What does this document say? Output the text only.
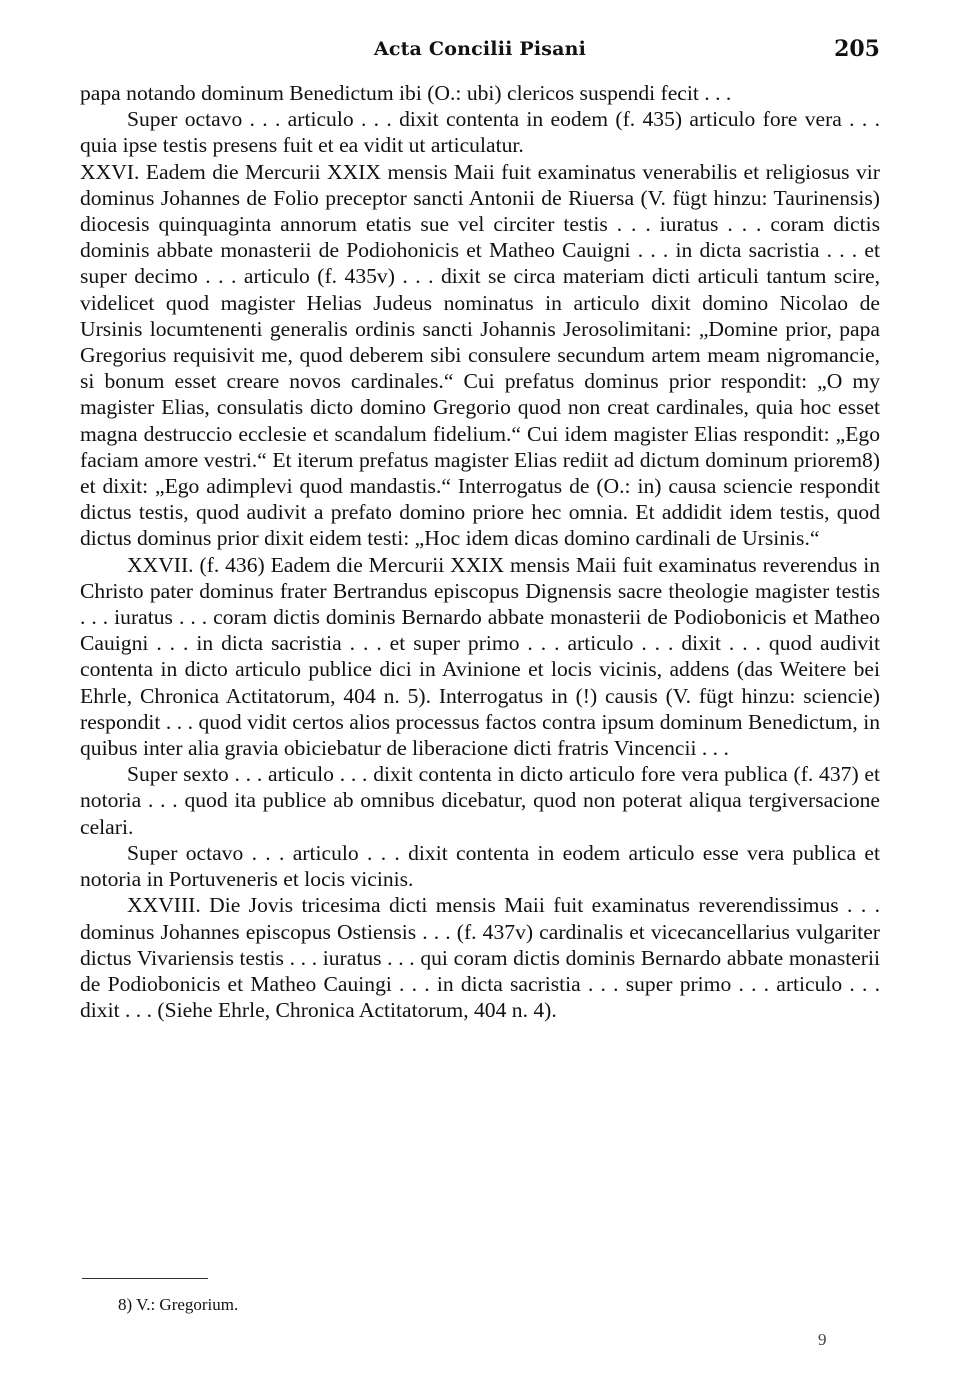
Acta Concilii Pisani	205

papa notando dominum Benedictum ibi (O.: ubi) clericos suspendi fecit . . .

Super octavo . . . articulo . . . dixit contenta in eodem (f. 435) articulo fore vera . . . quia ipse testis presens fuit et ea vidit ut articulatur.

XXVI. Eadem die Mercurii XXIX mensis Maii fuit examinatus venerabilis et religiosus vir dominus Johannes de Folio preceptor sancti Antonii de Riuersa (V. fügt hinzu: Taurinensis) diocesis quinquaginta annorum etatis sue vel circiter testis . . . iuratus . . . coram dictis dominis abbate monasterii de Podiohonicis et Matheo Cauigni . . . in dicta sacristia . . . et super decimo . . . articulo (f. 435v) . . . dixit se circa materiam dicti articuli tantum scire, videlicet quod magister Helias Judeus nominatus in articulo dixit domino Nicolao de Ursinis locumtenenti generalis ordinis sancti Johannis Jerosolimitani: „Domine prior, papa Gregorius requisivit me, quod deberem sibi consulere secundum artem meam nigromancie, si bonum esset creare novos cardinales.“ Cui prefatus dominus prior respondit: „O my magister Elias, consulatis dicto domino Gregorio quod non creat cardinales, quia hoc esset magna destruccio ecclesie et scandalum fidelium.“ Cui idem magister Elias respondit: „Ego faciam amore vestri.“ Et iterum prefatus magister Elias rediit ad dictum dominum priorem8) et dixit: „Ego adimplevi quod mandastis.“ Interrogatus de (O.: in) causa sciencie respondit dictus testis, quod audivit a prefato domino priore hec omnia. Et addidit idem testis, quod dictus dominus prior dixit eidem testi: „Hoc idem dicas domino cardinali de Ursinis.“

XXVII. (f. 436) Eadem die Mercurii XXIX mensis Maii fuit examinatus reverendus in Christo pater dominus frater Bertrandus episcopus Dignensis sacre theologie magister testis . . . iuratus . . . coram dictis dominis Bernardo abbate monasterii de Podiobonicis et Matheo Cauigni . . . in dicta sacristia . . . et super primo . . . articulo . . . dixit . . . quod audivit contenta in dicto articulo publice dici in Avinione et locis vicinis, addens (das Weitere bei Ehrle, Chronica Actitatorum, 404 n. 5). Interrogatus in (!) causis (V. fügt hinzu: sciencie) respondit . . . quod vidit certos alios processus factos contra ipsum dominum Benedictum, in quibus inter alia gravia obiciebatur de liberacione dicti fratris Vincencii . . .

Super sexto . . . articulo . . . dixit contenta in dicto articulo fore vera publica (f. 437) et notoria . . . quod ita publice ab omnibus dicebatur, quod non poterat aliqua tergiversacione celari.

Super octavo . . . articulo . . . dixit contenta in eodem articulo esse vera publica et notoria in Portuveneris et locis vicinis.

XXVIII. Die Jovis tricesima dicti mensis Maii fuit examinatus reverendissimus . . . dominus Johannes episcopus Ostiensis . . . (f. 437v) cardinalis et vicecancellarius vulgariter dictus Vivariensis testis . . . iuratus . . . qui coram dictis dominis Bernardo abbate monasterii de Podiobonicis et Matheo Cauingi . . . in dicta sacristia . . . super primo . . . articulo . . . dixit . . . (Siehe Ehrle, Chronica Actitatorum, 404 n. 4).

8) V.: Gregorium.
9
